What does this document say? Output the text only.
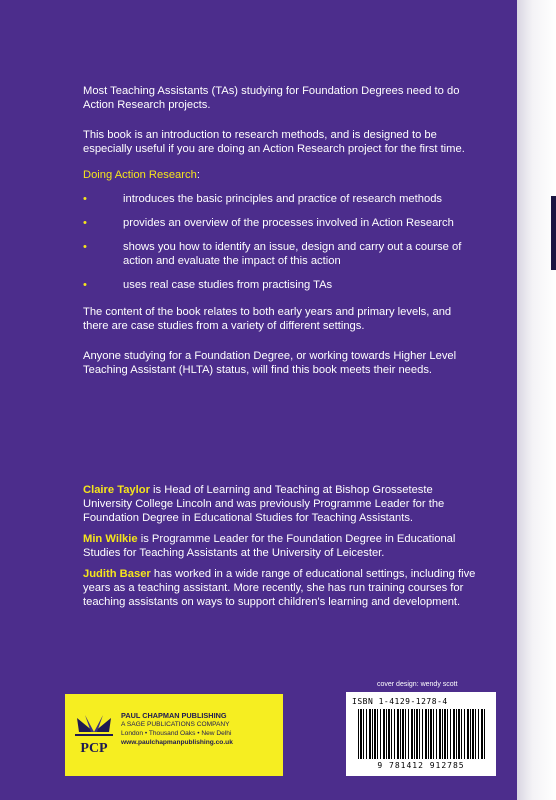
Most Teaching Assistants (TAs) studying for Foundation Degrees need to do Action Research projects.

This book is an introduction to research methods, and is designed to be especially useful if you are doing an Action Research project for the first time.

Doing Action Research:

•	introduces the basic principles and practice of research methods
•	provides an overview of the processes involved in Action Research
•	shows you how to identify an issue, design and carry out a course of action and evaluate the impact of this action
•	uses real case studies from practising TAs

The content of the book relates to both early years and primary levels, and there are case studies from a variety of different settings.

Anyone studying for a Foundation Degree, or working towards Higher Level Teaching Assistant (HLTA) status, will find this book meets their needs.

Claire Taylor is Head of Learning and Teaching at Bishop Grosseteste University College Lincoln and was previously Programme Leader for the Foundation Degree in Educational Studies for Teaching Assistants.

Min Wilkie is Programme Leader for the Foundation Degree in Educational Studies for Teaching Assistants at the University of Leicester.

Judith Baser has worked in a wide range of educational settings, including five years as a teaching assistant. More recently, she has run training courses for teaching assistants on ways to support children's learning and development.

cover design: wendy scott
PCP
PAUL CHAPMAN PUBLISHING
A SAGE PUBLICATIONS COMPANY
London • Thousand Oaks • New Delhi
www.paulchapmanpublishing.co.uk
ISBN 1-4129-1278-4
9 781412 912785
